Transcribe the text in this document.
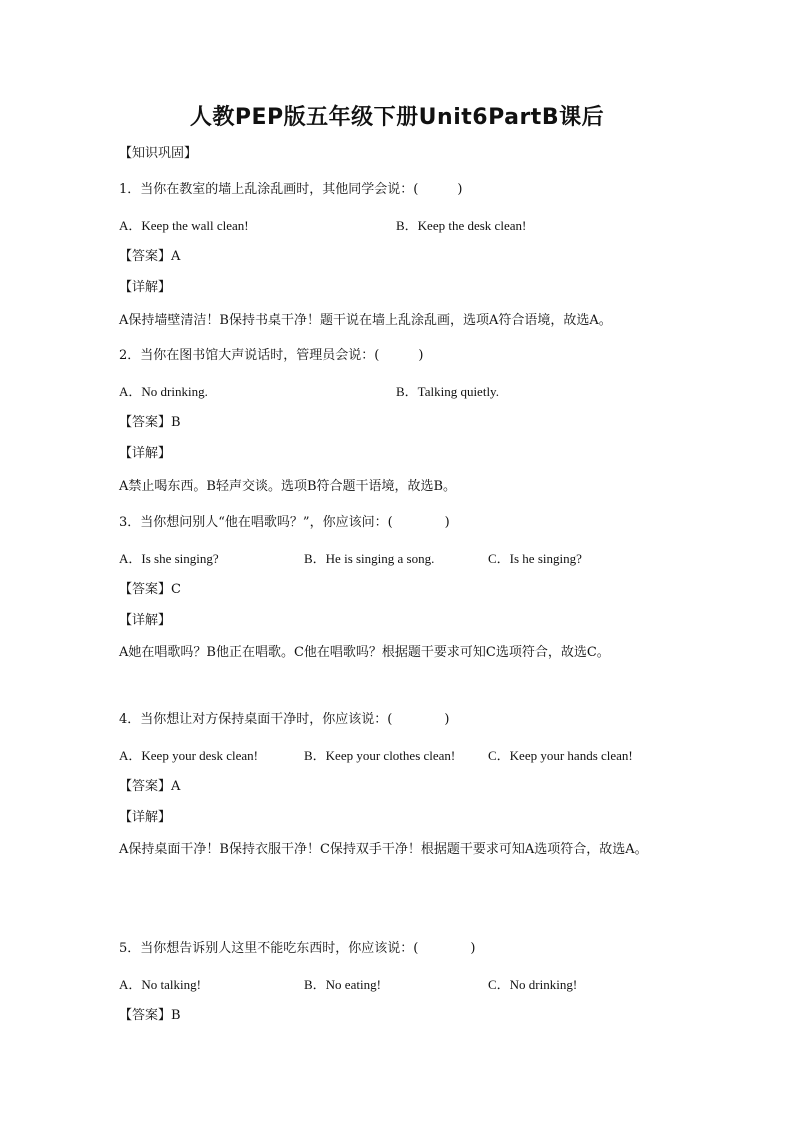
人教PEP版五年级下册Unit6PartB课后
【知识巩固】
1．当你在教室的墙上乱涂乱画时，其他同学会说：(　　　)
A．Keep the wall clean!	B．Keep the desk clean!
【答案】A
【详解】
A保持墙壁清洁！B保持书桌干净！题干说在墙上乱涂乱画，选项A符合语境，故选A。
2．当你在图书馆大声说话时，管理员会说：(　　　)
A．No drinking.	B．Talking quietly.
【答案】B
【详解】
A禁止喝东西。B轻声交谈。选项B符合题干语境，故选B。
3．当你想问别人“他在唱歌吗？”，你应该问：(　　　　)
A．Is she singing?	B．He is singing a song.	C．Is he singing?
【答案】C
【详解】
A她在唱歌吗？B他正在唱歌。C他在唱歌吗？根据题干要求可知C选项符合，故选C。
4．当你想让对方保持桌面干净时，你应该说：(　　　　)
A．Keep your desk clean!	B．Keep your clothes clean!	C．Keep your hands clean!
【答案】A
【详解】
A保持桌面干净！B保持衣服干净！C保持双手干净！根据题干要求可知A选项符合，故选A。
5．当你想告诉别人这里不能吃东西时，你应该说：(　　　　)
A．No talking!	B．No eating!	C．No drinking!
【答案】B
